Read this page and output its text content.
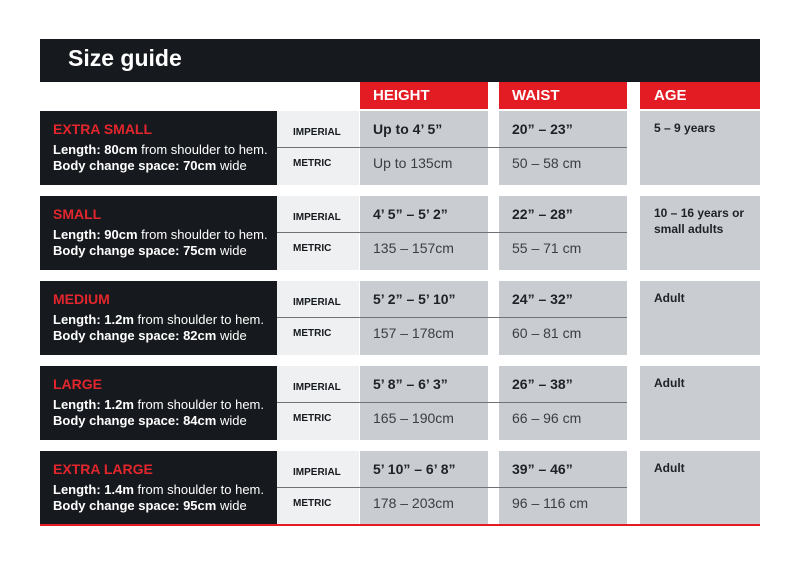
Size guide
HEIGHT	WAIST	AGE
EXTRA SMALL
Length: 80cm from shoulder to hem.
Body change space: 70cm wide
IMPERIAL
METRIC
Up to 4’ 5”
Up to 135cm
20” – 23”
50 – 58 cm
5 – 9 years
SMALL
Length: 90cm from shoulder to hem.
Body change space: 75cm wide
IMPERIAL
METRIC
4’ 5” – 5’ 2”
135 – 157cm
22” – 28”
55 – 71 cm
10 – 16 years or small adults
MEDIUM
Length: 1.2m from shoulder to hem.
Body change space: 82cm wide
IMPERIAL
METRIC
5’ 2” – 5’ 10”
157 – 178cm
24” – 32”
60 – 81 cm
Adult
LARGE
Length: 1.2m from shoulder to hem.
Body change space: 84cm wide
IMPERIAL
METRIC
5’ 8” – 6’ 3”
165 – 190cm
26” – 38”
66 – 96 cm
Adult
EXTRA LARGE
Length: 1.4m from shoulder to hem.
Body change space: 95cm wide
IMPERIAL
METRIC
5’ 10” – 6’ 8”
178 – 203cm
39” – 46”
96 – 116 cm
Adult
